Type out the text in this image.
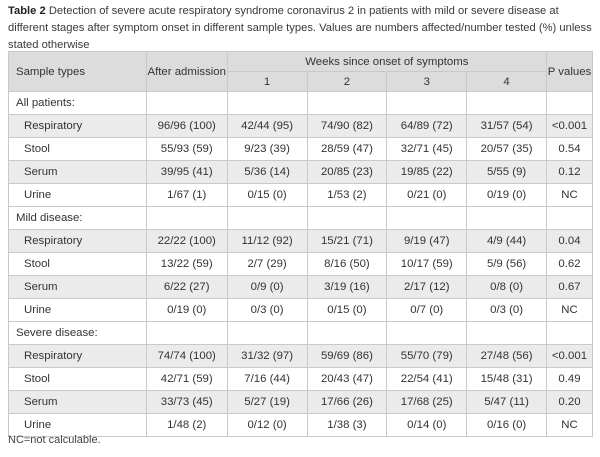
Table 2 Detection of severe acute respiratory syndrome coronavirus 2 in patients with mild or severe disease at different stages after symptom onset in different sample types. Values are numbers affected/number tested (%) unless stated otherwise
Sample types	After admission	Weeks since onset of symptoms				P values
		1	2	3	4	
All patients:						
Respiratory	96/96 (100)	42/44 (95)	74/90 (82)	64/89 (72)	31/57 (54)	<0.001
Stool	55/93 (59)	9/23 (39)	28/59 (47)	32/71 (45)	20/57 (35)	0.54
Serum	39/95 (41)	5/36 (14)	20/85 (23)	19/85 (22)	5/55 (9)	0.12
Urine	1/67 (1)	0/15 (0)	1/53 (2)	0/21 (0)	0/19 (0)	NC
Mild disease:						
Respiratory	22/22 (100)	11/12 (92)	15/21 (71)	9/19 (47)	4/9 (44)	0.04
Stool	13/22 (59)	2/7 (29)	8/16 (50)	10/17 (59)	5/9 (56)	0.62
Serum	6/22 (27)	0/9 (0)	3/19 (16)	2/17 (12)	0/8 (0)	0.67
Urine	0/19 (0)	0/3 (0)	0/15 (0)	0/7 (0)	0/3 (0)	NC
Severe disease:						
Respiratory	74/74 (100)	31/32 (97)	59/69 (86)	55/70 (79)	27/48 (56)	<0.001
Stool	42/71 (59)	7/16 (44)	20/43 (47)	22/54 (41)	15/48 (31)	0.49
Serum	33/73 (45)	5/27 (19)	17/66 (26)	17/68 (25)	5/47 (11)	0.20
Urine	1/48 (2)	0/12 (0)	1/38 (3)	0/14 (0)	0/16 (0)	NC
NC=not calculable.
